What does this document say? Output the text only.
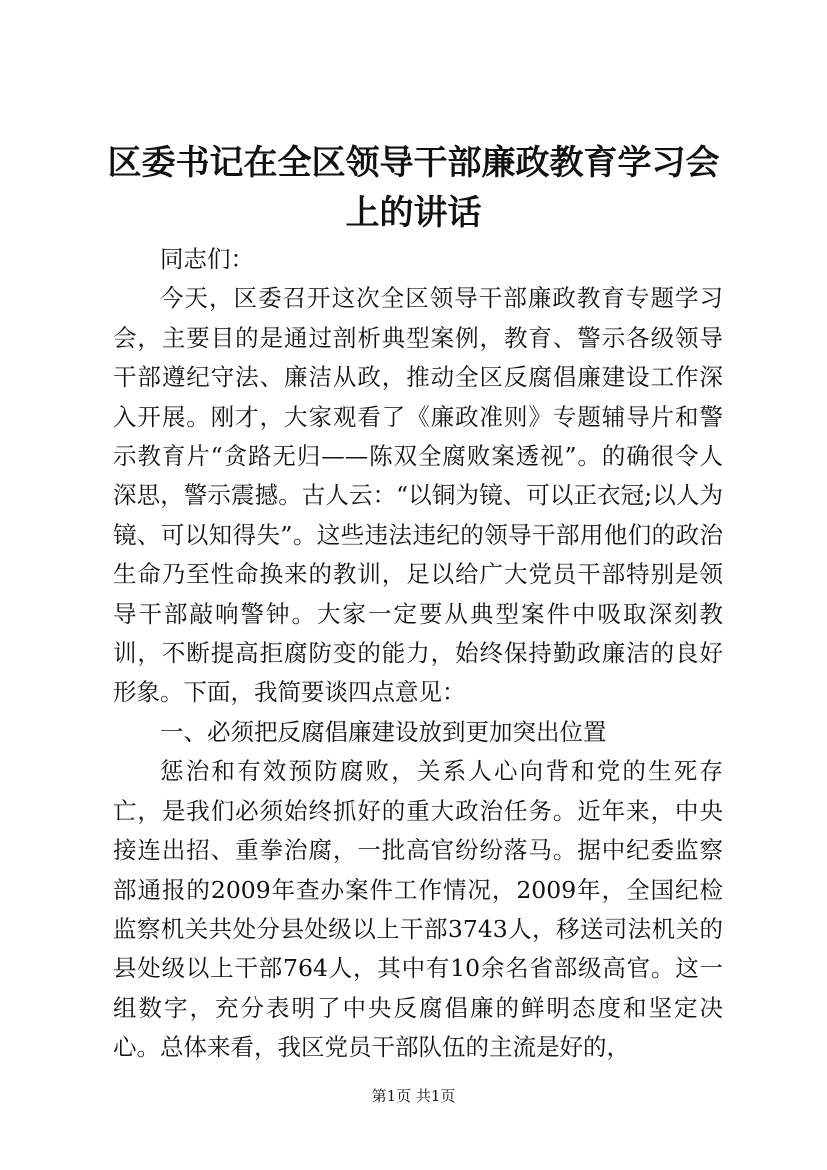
区委书记在全区领导干部廉政教育学习会上的讲话

同志们：

今天，区委召开这次全区领导干部廉政教育专题学习会，主要目的是通过剖析典型案例，教育、警示各级领导干部遵纪守法、廉洁从政，推动全区反腐倡廉建设工作深入开展。刚才，大家观看了《廉政准则》专题辅导片和警示教育片“贪路无归——陈双全腐败案透视”。的确很令人深思，警示震撼。古人云：“以铜为镜、可以正衣冠;以人为镜、可以知得失”。这些违法违纪的领导干部用他们的政治生命乃至性命换来的教训，足以给广大党员干部特别是领导干部敲响警钟。大家一定要从典型案件中吸取深刻教训，不断提高拒腐防变的能力，始终保持勤政廉洁的良好形象。下面，我简要谈四点意见：

一、必须把反腐倡廉建设放到更加突出位置

惩治和有效预防腐败，关系人心向背和党的生死存亡，是我们必须始终抓好的重大政治任务。近年来，中央接连出招、重拳治腐，一批高官纷纷落马。据中纪委监察部通报的2009年查办案件工作情况，2009年，全国纪检监察机关共处分县处级以上干部3743人，移送司法机关的县处级以上干部764人，其中有10余名省部级高官。这一组数字，充分表明了中央反腐倡廉的鲜明态度和坚定决心。总体来看，我区党员干部队伍的主流是好的，

第1页 共1页
